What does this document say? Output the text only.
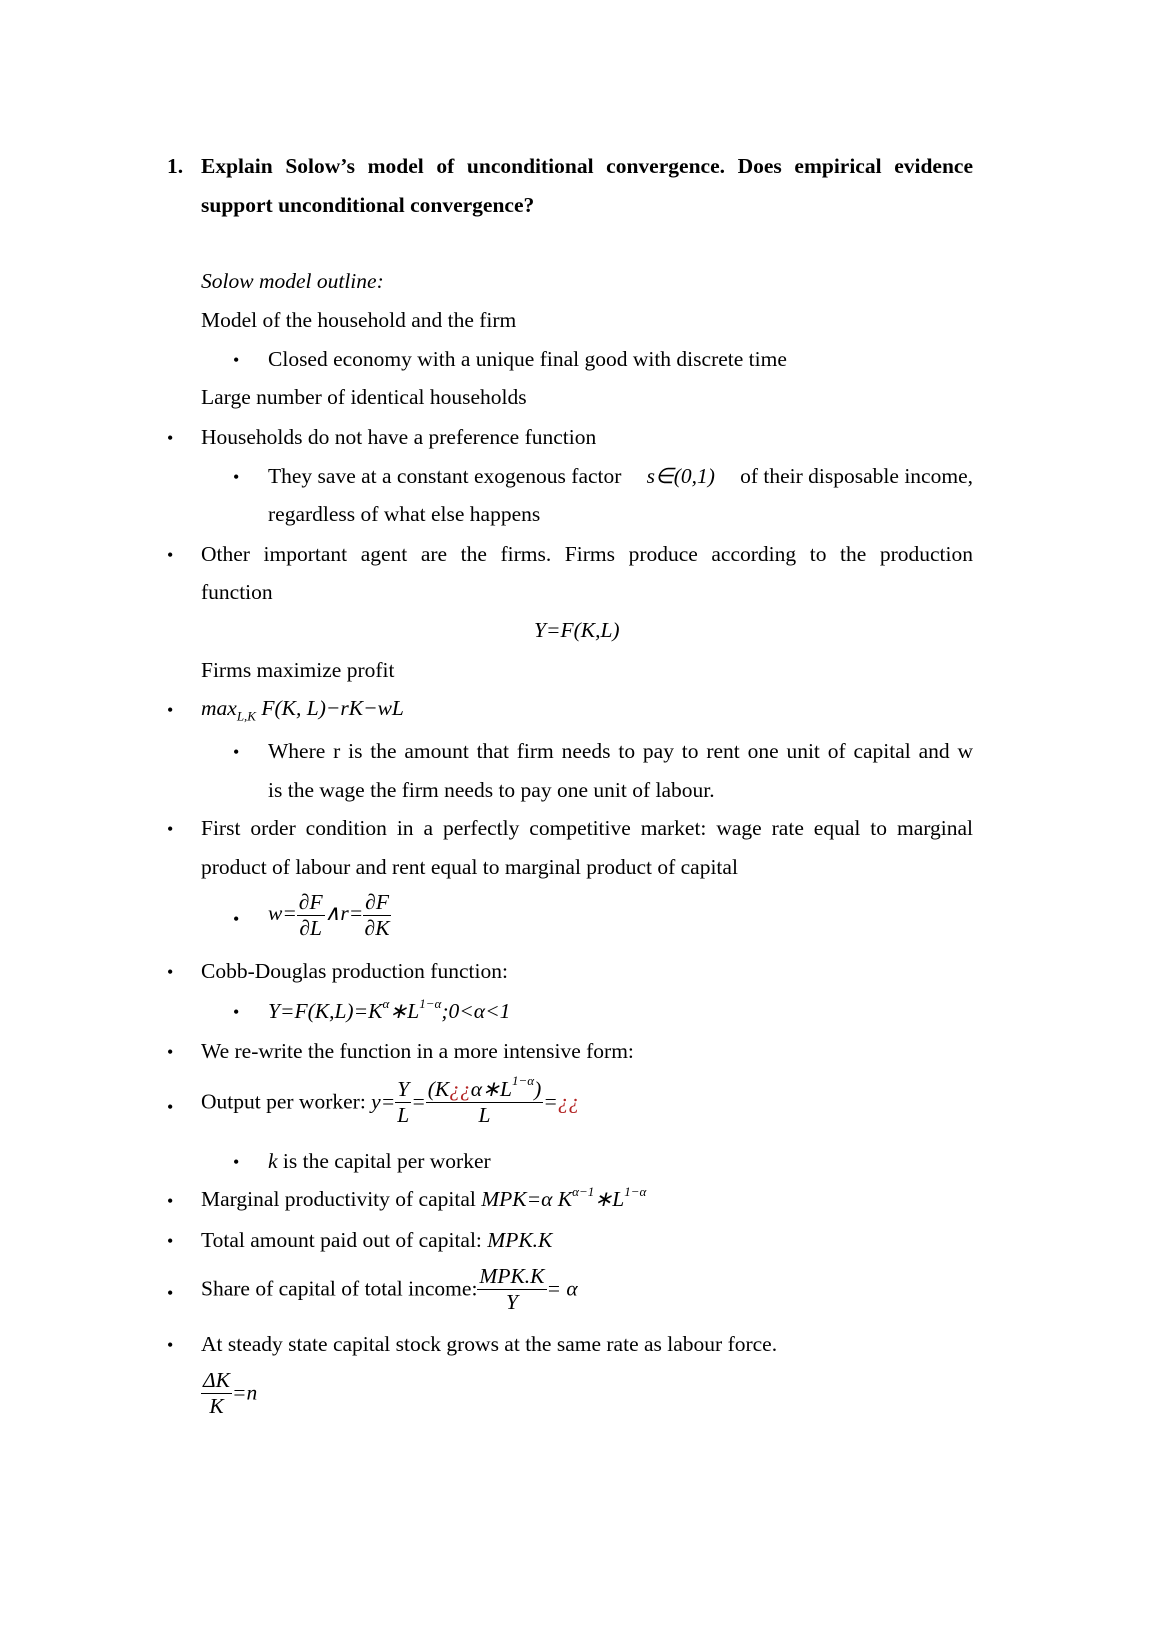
1. Explain Solow’s model of unconditional convergence. Does empirical evidence
support unconditional convergence?
Solow model outline:
Model of the household and the firm
• Closed economy with a unique final good with discrete time
Large number of identical households
• Households do not have a preference function
• They save at a constant exogenous factor s∈(0,1) of their disposable income,
regardless of what else happens
• Other important agent are the firms. Firms produce according to the production
function
Y=F(K,L)
Firms maximize profit
• $\max_{L,K} F(K$, L)−rK−wL
• Where r is the amount that firm needs to pay to rent one unit of capital and w
is the wage the firm needs to pay one unit of labour.
• First order condition in a perfectly competitive market: wage rate equal to marginal
product of labour and rent equal to marginal product of capital
• $w= \frac{\partial F}{\partial L}$ ∧r= $\frac{\partial F}{\partial K}$
• Cobb-Douglas production function:
• $Y=F(K,L)=K^\alpha∗L^{1-\alpha};0<\alpha<1$
• We re-write the function in a more intensive form:
• Output per worker: $y= \frac{Y}{L} = \frac{(K¿¿\alpha∗L^{1-\alpha})}{L}$ =¿¿
• k is the capital per worker
• Marginal productivity of capital MPK=α $K^{\alpha-1}∗L^{1-\alpha}$
• Total amount paid out of capital: MPK.K
• Share of capital of total income: $\frac{\text{MPK.K}}{Y} = \alpha$
• At steady state capital stock grows at the same rate as labour force.
$\frac{\Delta K}{K} =n$
